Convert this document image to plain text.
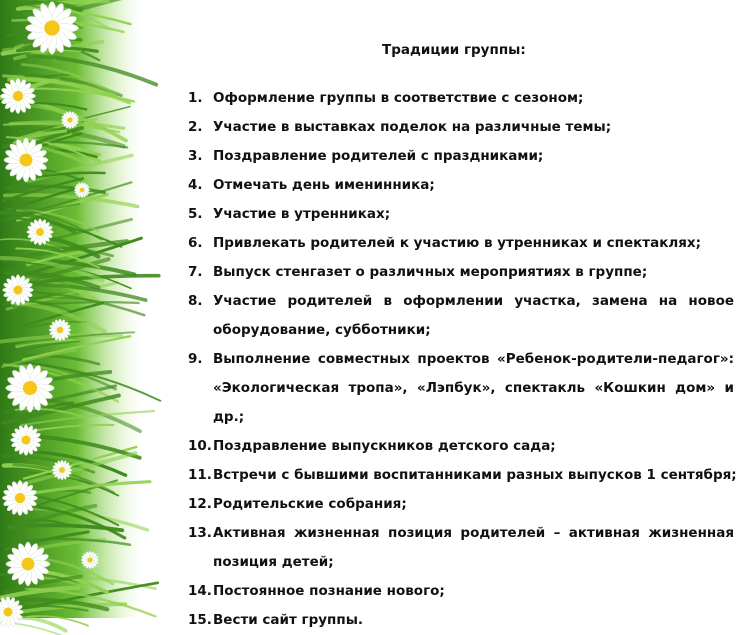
Традиции группы:
1. Оформление группы в соответствие с сезоном;
2. Участие в выставках поделок на различные темы;
3. Поздравление родителей с праздниками;
4. Отмечать день именинника;
5. Участие в утренниках;
6. Привлекать родителей к участию в утренниках и спектаклях;
7. Выпуск стенгазет о различных мероприятиях в группе;
8. Участие родителей в оформлении участка, замена на новое оборудование, субботники;
9. Выполнение совместных проектов «Ребенок-родители-педагог»: «Экологическая тропа», «Лэпбук», спектакль «Кошкин дом» и др.;
10. Поздравление выпускников детского сада;
11. Встречи с бывшими воспитанниками разных выпусков 1 сентября;
12. Родительские собрания;
13. Активная жизненная позиция родителей – активная жизненная позиция детей;
14. Постоянное познание нового;
15. Вести сайт группы.
